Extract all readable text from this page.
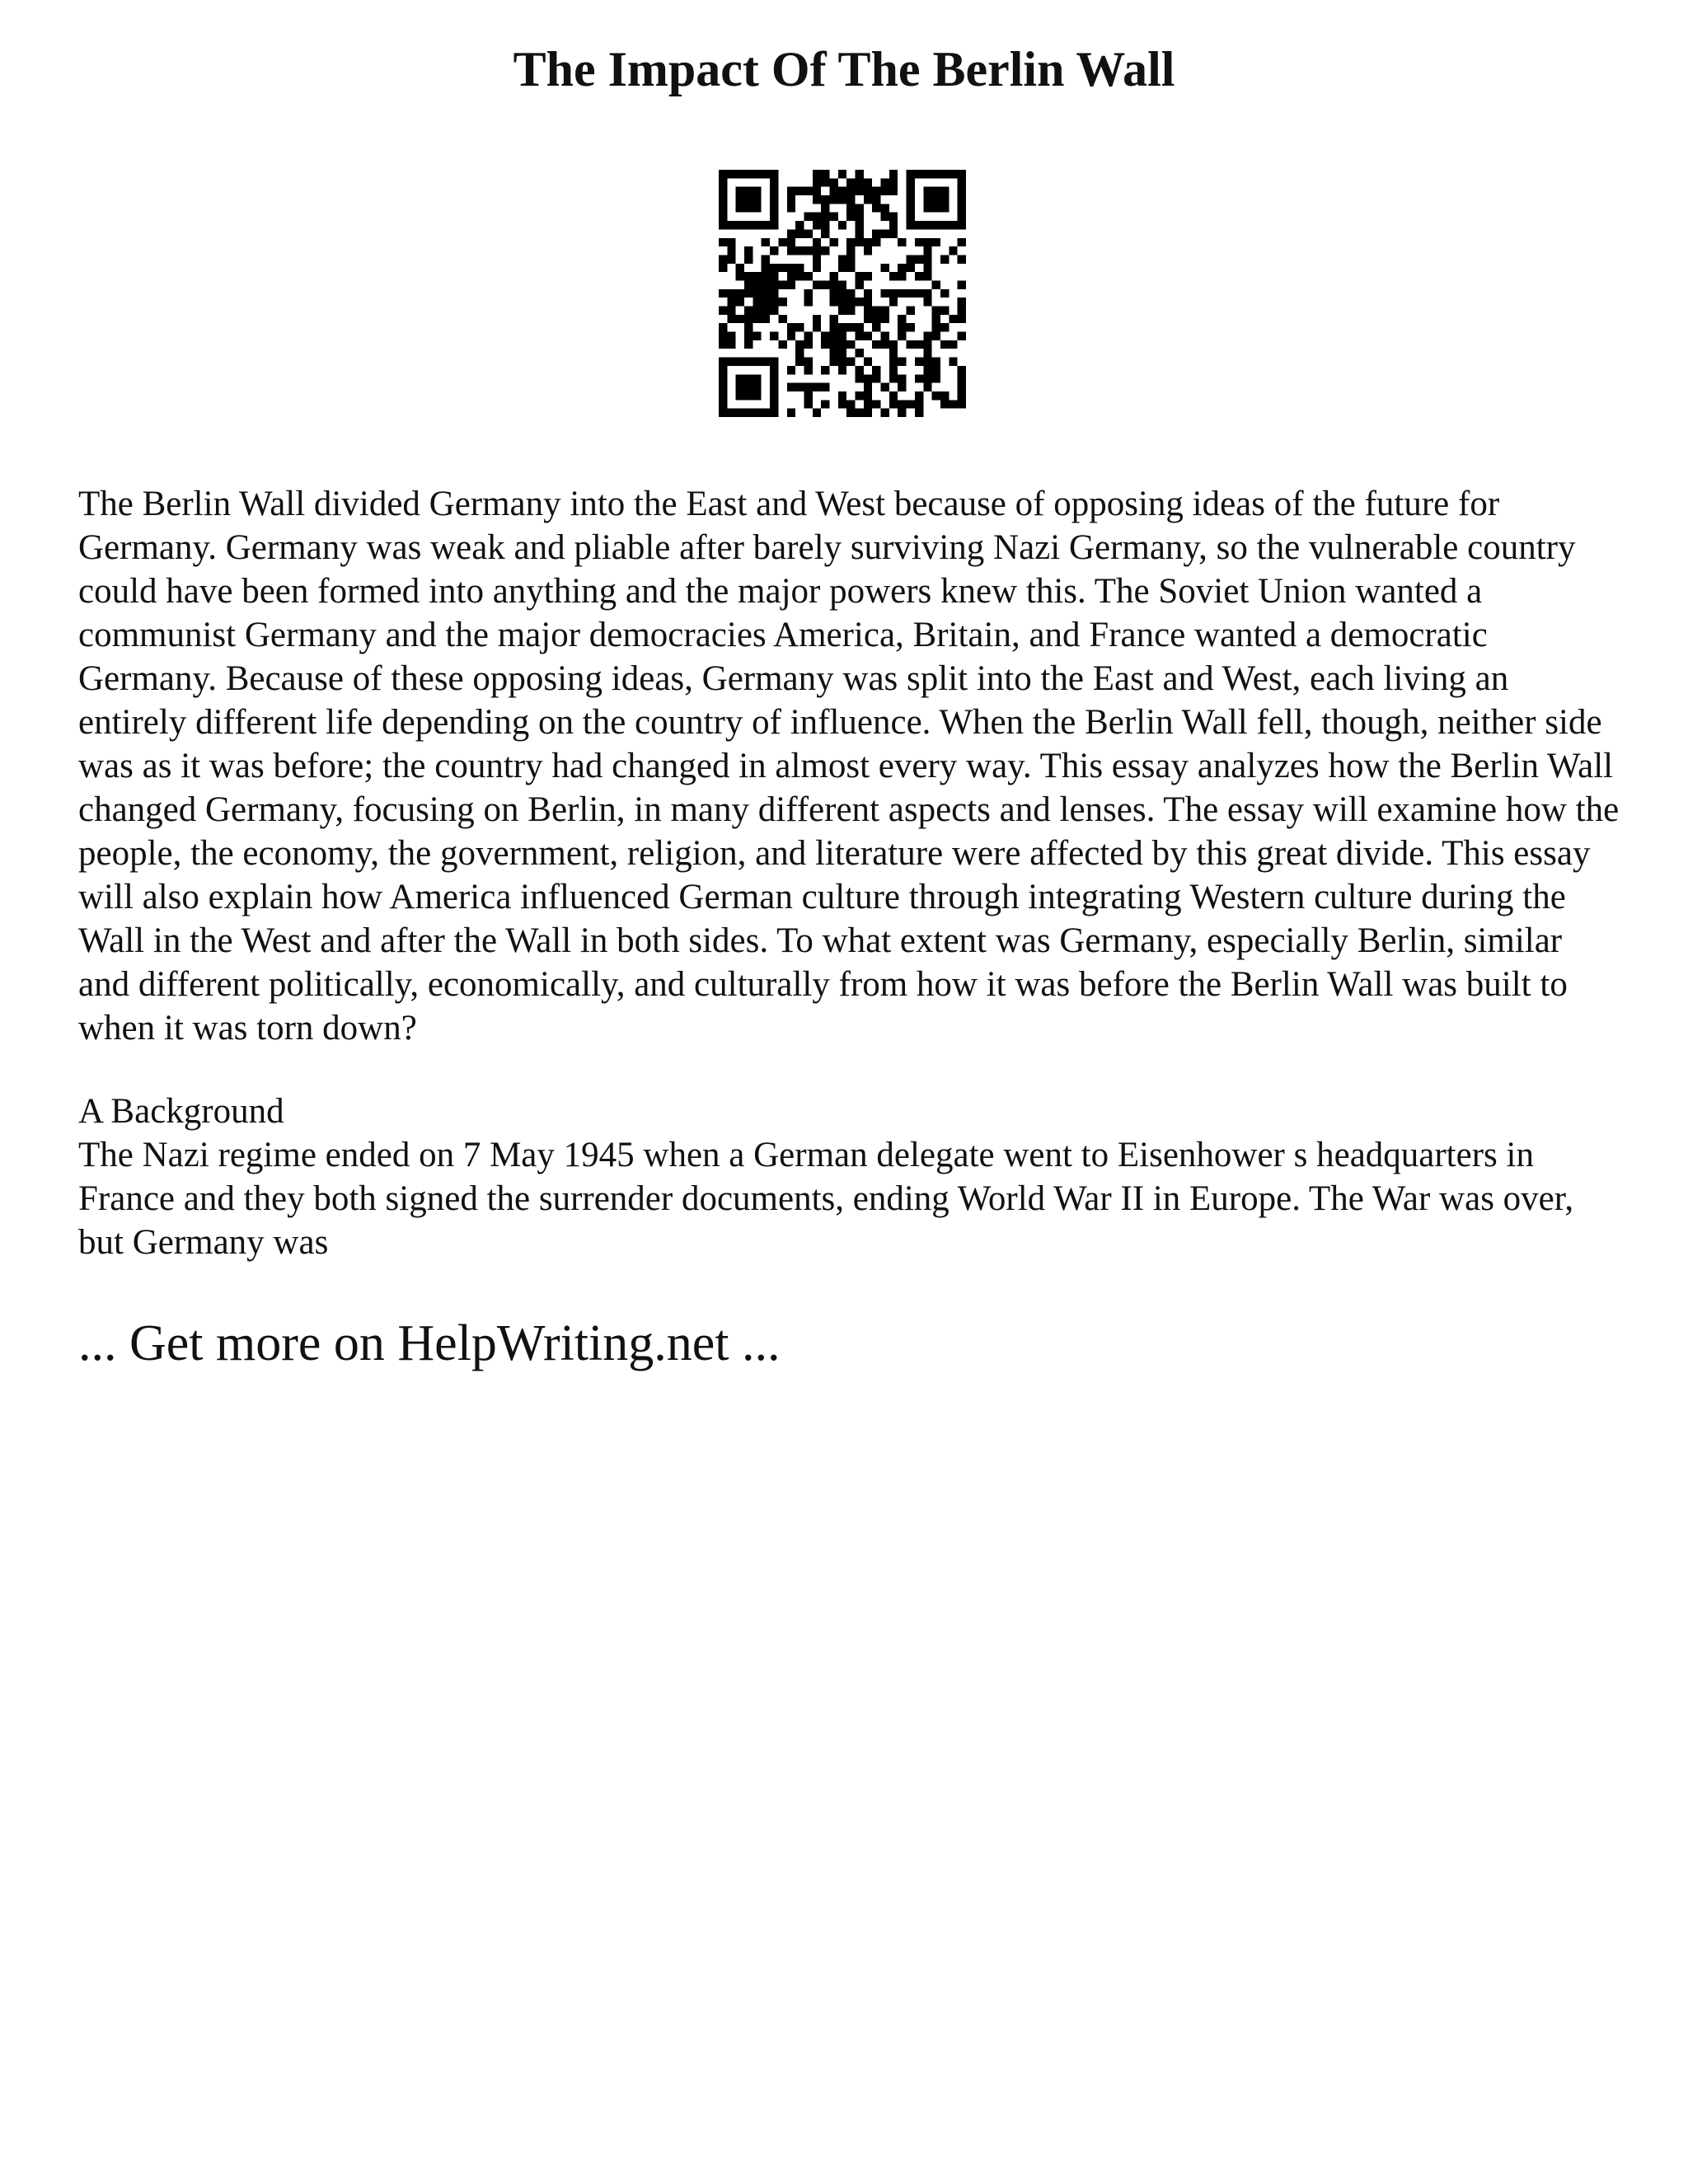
The Impact Of The Berlin Wall

The Berlin Wall divided Germany into the East and West because of opposing ideas of the future for Germany. Germany was weak and pliable after barely surviving Nazi Germany, so the vulnerable country could have been formed into anything and the major powers knew this. The Soviet Union wanted a communist Germany and the major democracies America, Britain, and France wanted a democratic Germany. Because of these opposing ideas, Germany was split into the East and West, each living an entirely different life depending on the country of influence. When the Berlin Wall fell, though, neither side was as it was before; the country had changed in almost every way. This essay analyzes how the Berlin Wall changed Germany, focusing on Berlin, in many different aspects and lenses. The essay will examine how the people, the economy, the government, religion, and literature were affected by this great divide. This essay will also explain how America influenced German culture through integrating Western culture during the Wall in the West and after the Wall in both sides. To what extent was Germany, especially Berlin, similar and different politically, economically, and culturally from how it was before the Berlin Wall was built to when it was torn down?

A Background

The Nazi regime ended on 7 May 1945 when a German delegate went to Eisenhower s headquarters in France and they both signed the surrender documents, ending World War II in Europe. The War was over, but Germany was

... Get more on HelpWriting.net ...
